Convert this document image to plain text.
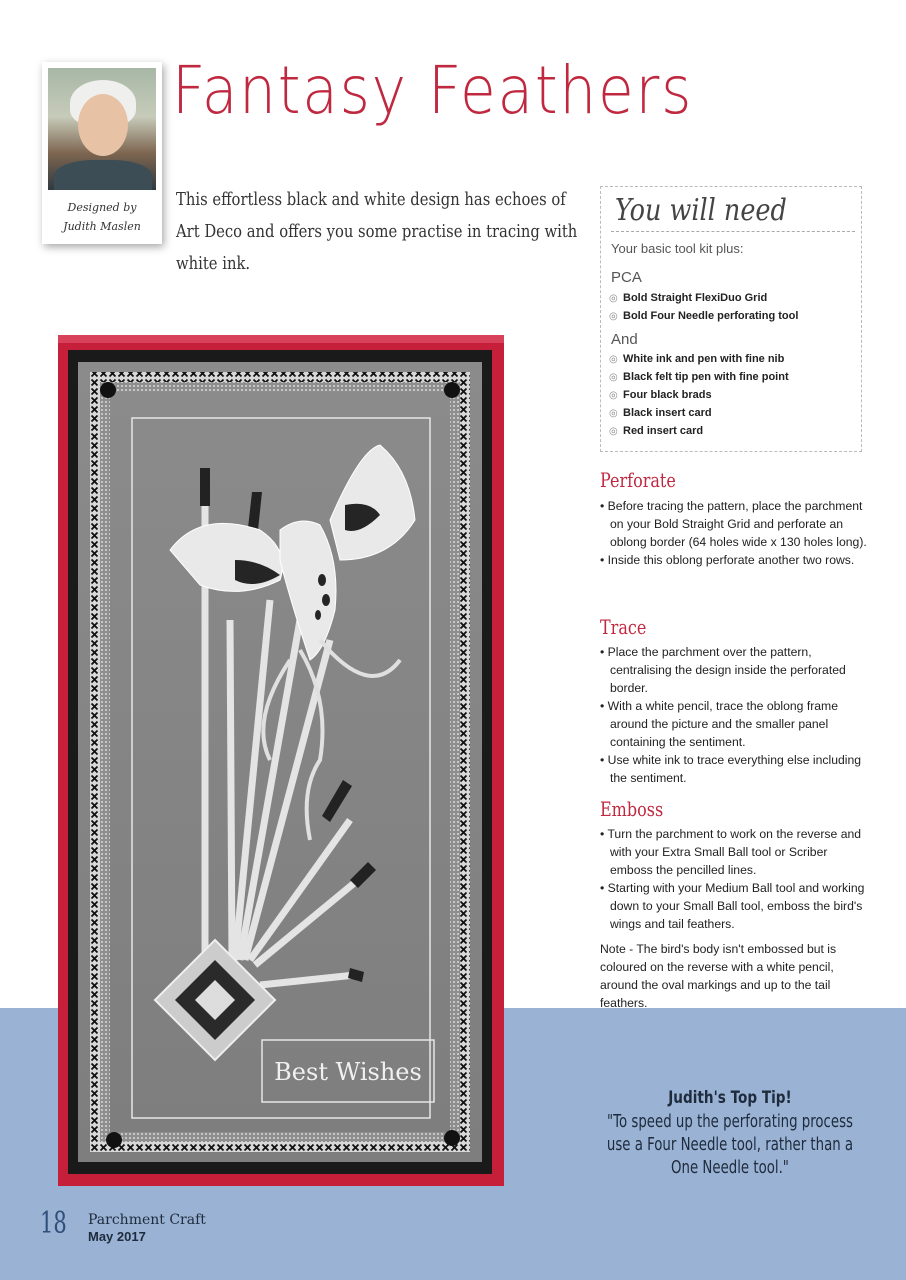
Designed by
Judith Maslen
Fantasy Feathers
This effortless black and white design has echoes of Art Deco and offers you some practise in tracing with white ink.
You will need
Your basic tool kit plus:
PCA
◎ Bold Straight FlexiDuo Grid
◎ Bold Four Needle perforating tool
And
◎ White ink and pen with fine nib
◎ Black felt tip pen with fine point
◎ Four black brads
◎ Black insert card
◎ Red insert card
Perforate
• Before tracing the pattern, place the parchment on your Bold Straight Grid and perforate an oblong border (64 holes wide x 130 holes long).
• Inside this oblong perforate another two rows.
Trace
• Place the parchment over the pattern, centralising the design inside the perforated border.
• With a white pencil, trace the oblong frame around the picture and the smaller panel containing the sentiment.
• Use white ink to trace everything else including the sentiment.
Emboss
• Turn the parchment to work on the reverse and with your Extra Small Ball tool or Scriber emboss the pencilled lines.
• Starting with your Medium Ball tool and working down to your Small Ball tool, emboss the bird's wings and tail feathers.
Note - The bird's body isn't embossed but is coloured on the reverse with a white pencil, around the oval markings and up to the tail feathers.
Judith's Top Tip!
"To speed up the perforating process use a Four Needle tool, rather than a One Needle tool."
Best Wishes
18 Parchment Craft
May 2017
